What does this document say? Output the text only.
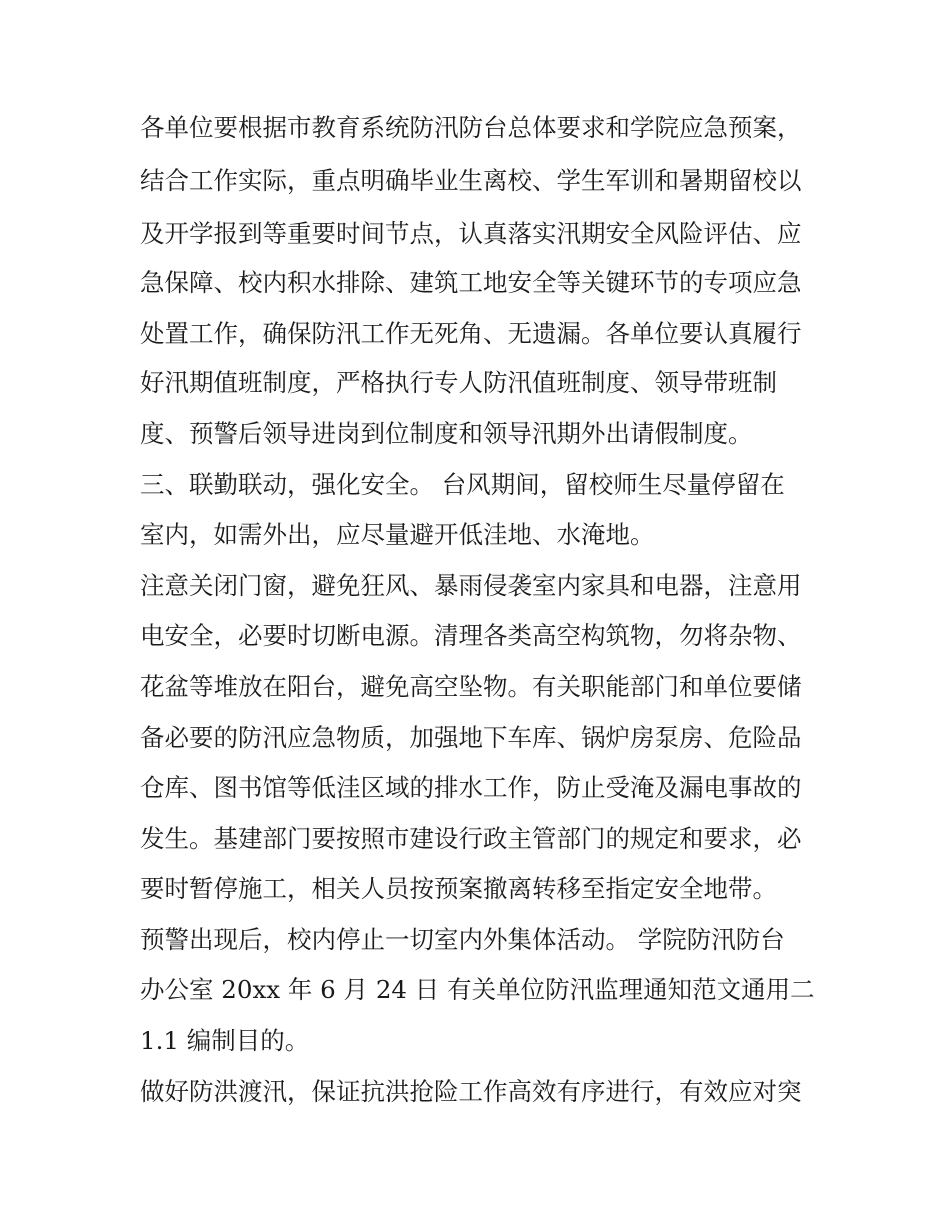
各单位要根据市教育系统防汛防台总体要求和学院应急预案，
结合工作实际，重点明确毕业生离校、学生军训和暑期留校以
及开学报到等重要时间节点，认真落实汛期安全风险评估、应
急保障、校内积水排除、建筑工地安全等关键环节的专项应急
处置工作，确保防汛工作无死角、无遗漏。各单位要认真履行
好汛期值班制度，严格执行专人防汛值班制度、领导带班制
度、预警后领导进岗到位制度和领导汛期外出请假制度。
三、联勤联动，强化安全。 台风期间，留校师生尽量停留在
室内，如需外出，应尽量避开低洼地、水淹地。
注意关闭门窗，避免狂风、暴雨侵袭室内家具和电器，注意用
电安全，必要时切断电源。清理各类高空构筑物，勿将杂物、
花盆等堆放在阳台，避免高空坠物。有关职能部门和单位要储
备必要的防汛应急物质，加强地下车库、锅炉房泵房、危险品
仓库、图书馆等低洼区域的排水工作，防止受淹及漏电事故的
发生。基建部门要按照市建设行政主管部门的规定和要求，必
要时暂停施工，相关人员按预案撤离转移至指定安全地带。
预警出现后，校内停止一切室内外集体活动。 学院防汛防台
办公室 20xx 年 6 月 24 日 有关单位防汛监理通知范文通用二
1.1 编制目的。
做好防洪渡汛，保证抗洪抢险工作高效有序进行，有效应对突
